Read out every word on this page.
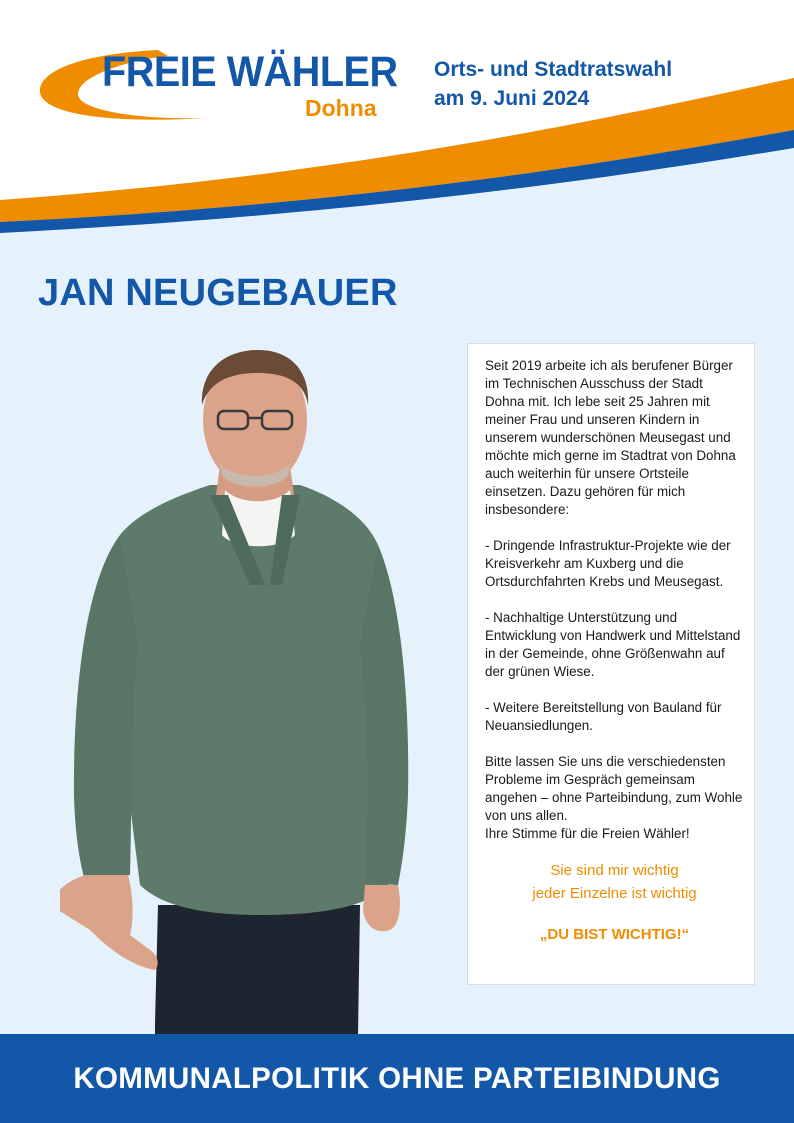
FREIE WÄHLER
Dohna
Orts- und Stadtratswahl
am 9. Juni 2024
JAN NEUGEBAUER

Seit 2019 arbeite ich als berufener Bürger im Technischen Ausschuss der Stadt Dohna mit. Ich lebe seit 25 Jahren mit meiner Frau und unseren Kindern in unserem wunderschönen Meusegast und möchte mich gerne im Stadtrat von Dohna auch weiterhin für unsere Ortsteile einsetzen. Dazu gehören für mich insbesondere:

- Dringende Infrastruktur-Projekte wie der Kreisverkehr am Kuxberg und die Ortsdurchfahrten Krebs und Meusegast.

- Nachhaltige Unterstützung und Entwicklung von Handwerk und Mittelstand in der Gemeinde, ohne Größenwahn auf der grünen Wiese.

- Weitere Bereitstellung von Bauland für Neuansiedlungen.

Bitte lassen Sie uns die verschiedensten Probleme im Gespräch gemeinsam angehen – ohne Parteibindung, zum Wohle von uns allen.
Ihre Stimme für die Freien Wähler!

Sie sind mir wichtig
jeder Einzelne ist wichtig
„DU BIST WICHTIG!“
KOMMUNALPOLITIK OHNE PARTEIBINDUNG
